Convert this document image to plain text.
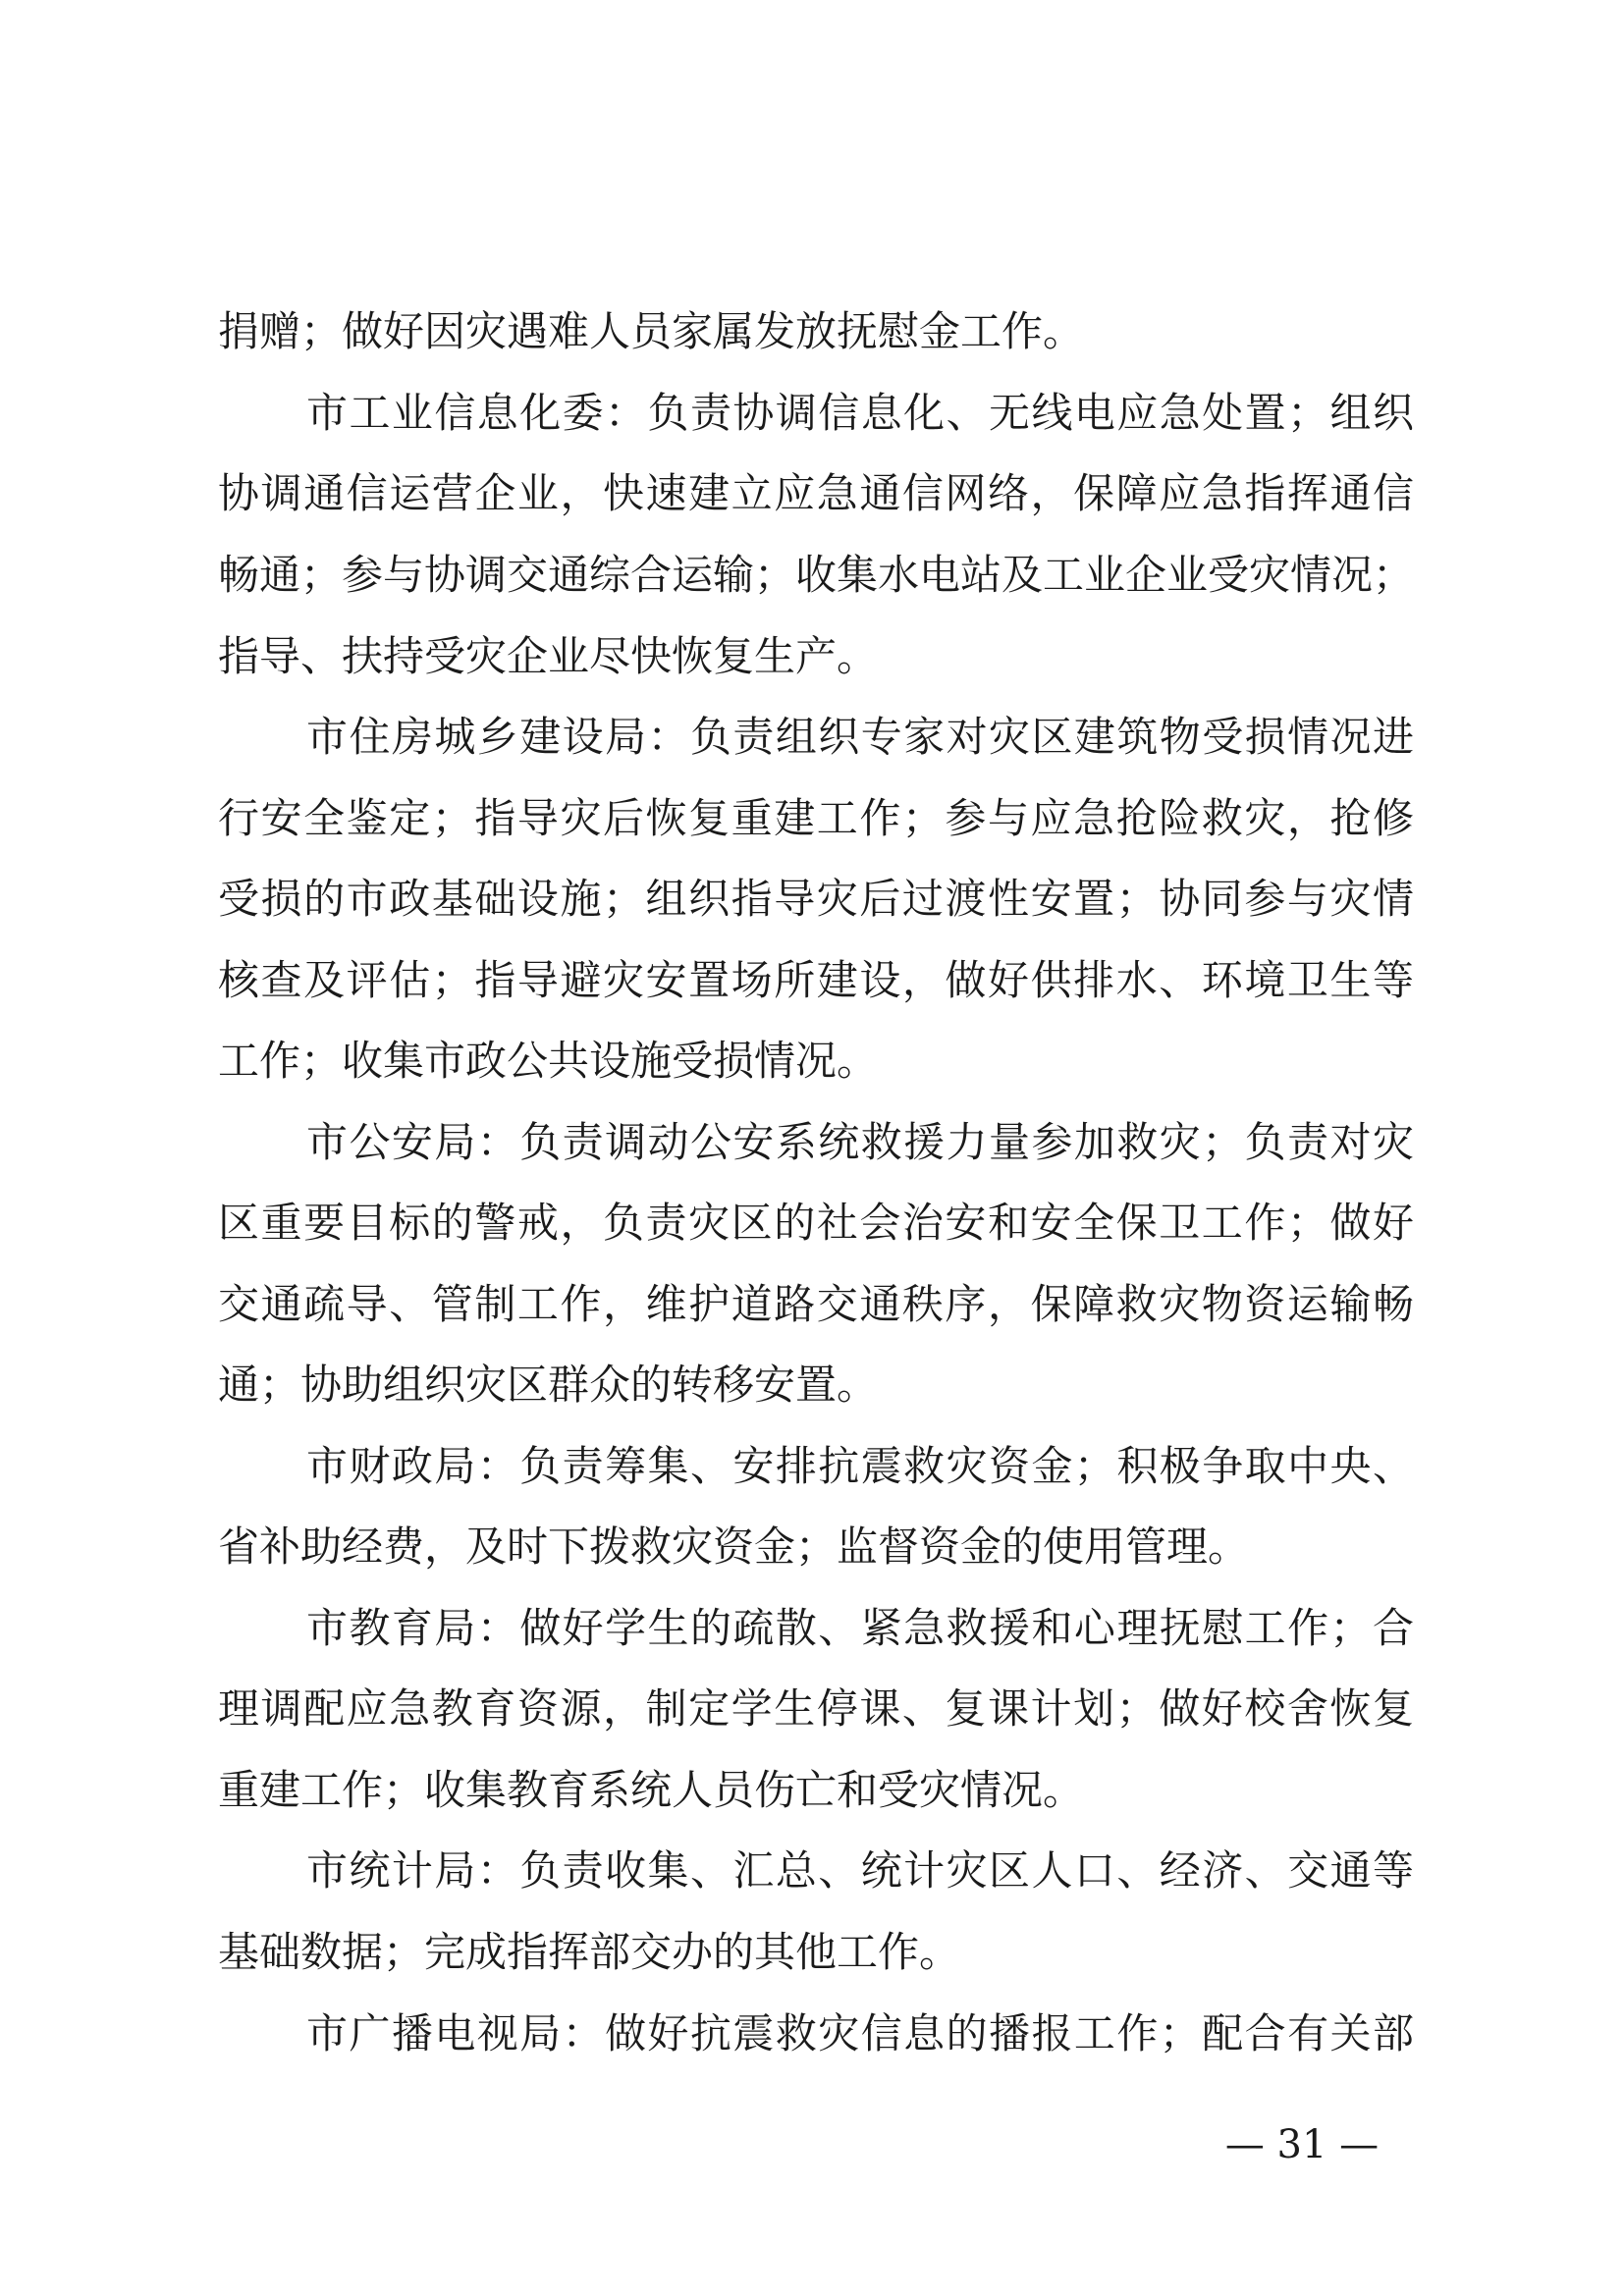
捐赠；做好因灾遇难人员家属发放抚慰金工作。
市工业信息化委：负责协调信息化、无线电应急处置；组织
协调通信运营企业，快速建立应急通信网络，保障应急指挥通信
畅通；参与协调交通综合运输；收集水电站及工业企业受灾情况；
指导、扶持受灾企业尽快恢复生产。
市住房城乡建设局：负责组织专家对灾区建筑物受损情况进
行安全鉴定；指导灾后恢复重建工作；参与应急抢险救灾，抢修
受损的市政基础设施；组织指导灾后过渡性安置；协同参与灾情
核查及评估；指导避灾安置场所建设，做好供排水、环境卫生等
工作；收集市政公共设施受损情况。
市公安局：负责调动公安系统救援力量参加救灾；负责对灾
区重要目标的警戒，负责灾区的社会治安和安全保卫工作；做好
交通疏导、管制工作，维护道路交通秩序，保障救灾物资运输畅
通；协助组织灾区群众的转移安置。
市财政局：负责筹集、安排抗震救灾资金；积极争取中央、
省补助经费，及时下拨救灾资金；监督资金的使用管理。
市教育局：做好学生的疏散、紧急救援和心理抚慰工作；合
理调配应急教育资源，制定学生停课、复课计划；做好校舍恢复
重建工作；收集教育系统人员伤亡和受灾情况。
市统计局：负责收集、汇总、统计灾区人口、经济、交通等
基础数据；完成指挥部交办的其他工作。
市广播电视局：做好抗震救灾信息的播报工作；配合有关部
— 31 —
